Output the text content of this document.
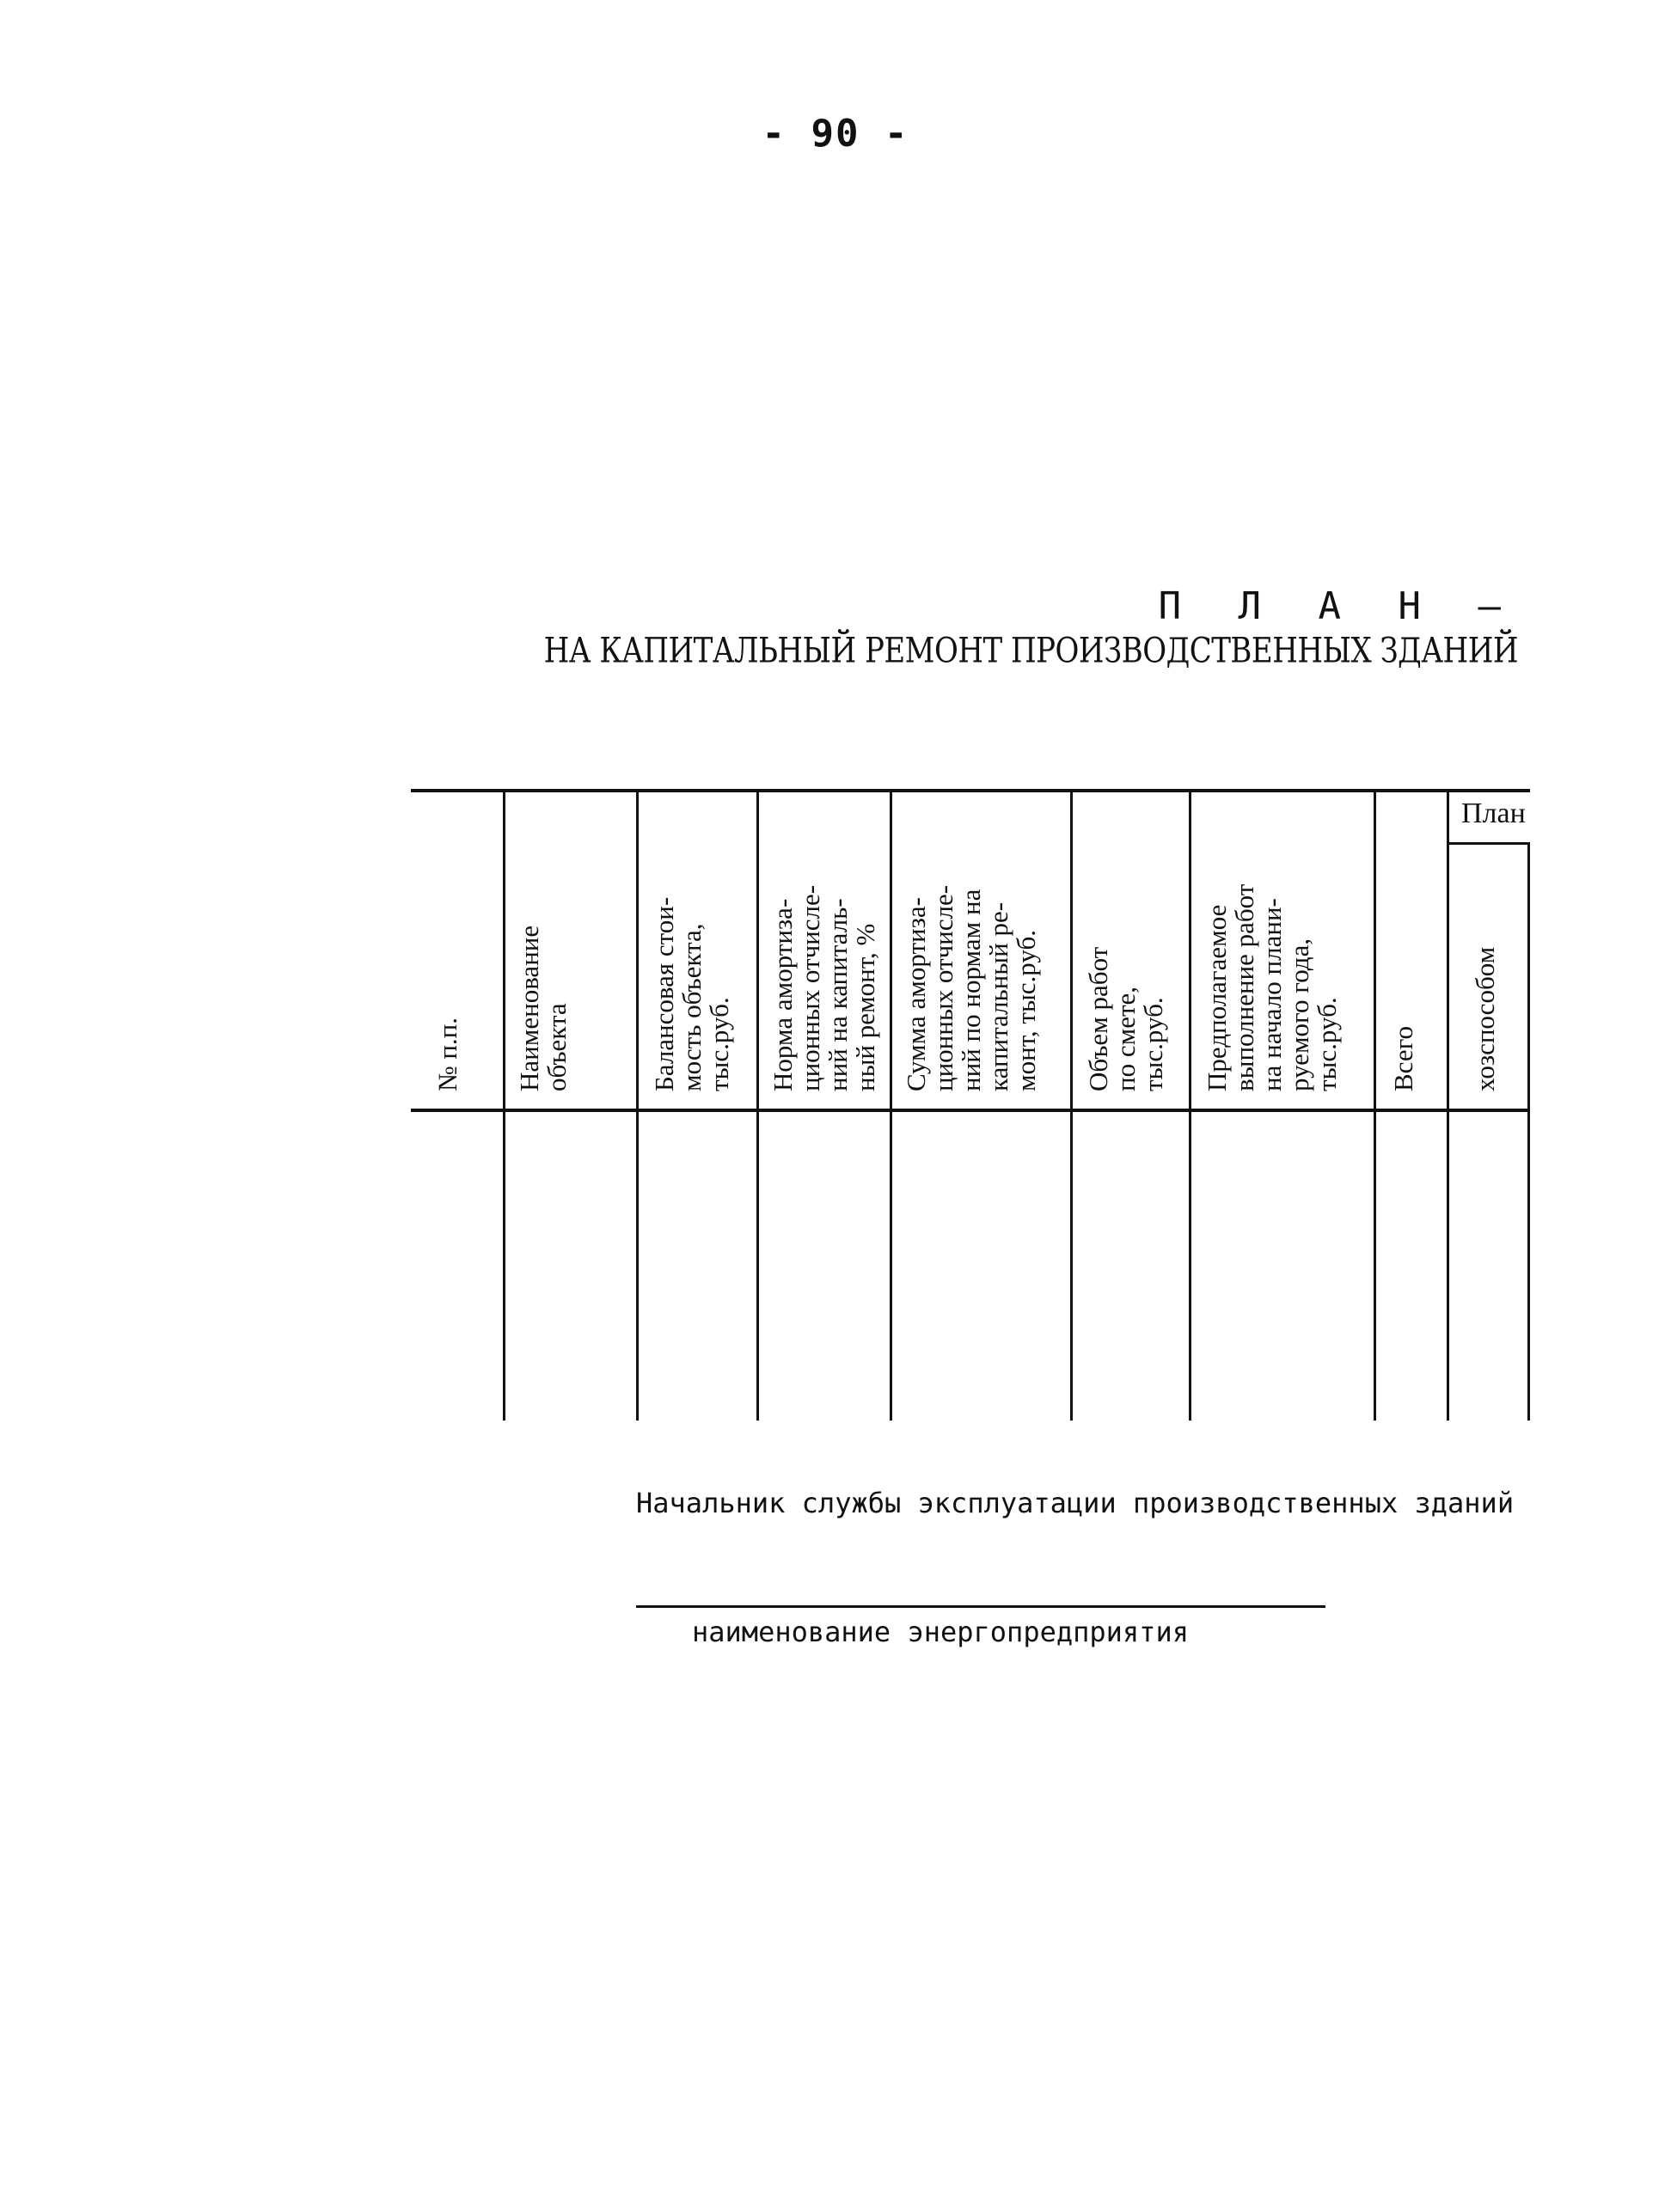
- 90 -
П Л А Н –
НА КАПИТАЛЬНЫЙ РЕМОНТ ПРОИЗВОДСТВЕННЫХ ЗДАНИЙ
№ п.п. Наименование
объекта	Балансовая стои-
мость объекта,
тыс.руб. Норма амортиза-
ционных отчисле-
ний на капиталь-
ный ремонт, %
Сумма амортиза-
ционных отчисле-
ний по нормам на
капитальный ре-
монт, тыс.руб.
Объем работ
по смете,
тыс.руб. Предполагаемое
выполнение работ
на начало плани-
руемого года,
тыс.руб. Всего хозспособом
План
Начальник службы эксплуатации производственных зданий
наименование энергопредприятия
